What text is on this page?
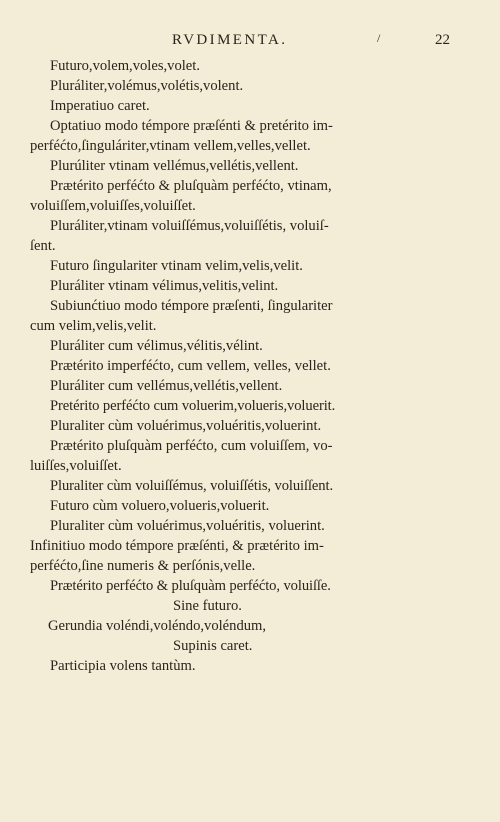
RVDIMENTA.	/	22
Futuro,volem,voles,volet.
Pluráliter,volémus,volétis,volent.
Imperatiuo caret.
Optatiuo modo témpore præſénti & pretérito im-
perféćto,ſinguláriter,vtinam vellem,velles,vellet.
Plurúliter vtinam vellémus,vellétis,vellent.
Prætérito perféćto & pluſquàm perféćto, vtinam,
voluiſſem,voluiſſes,voluiſſet.
Pluráliter,vtinam voluiſſémus,voluiſſétis, voluiſ-
ſent.
Futuro ſingulariter vtinam velim,velis,velit.
Pluráliter vtinam vélimus,velitis,velint.
Subiunćtiuo modo témpore præſenti, ſingulariter
cum velim,velis,velit.
Pluráliter cum vélimus,vélitis,vélint.
Prætérito imperféćto, cum vellem, velles, vellet.
Pluráliter cum vellémus,vellétis,vellent.
Pretérito perféćto cum voluerim,volueris,voluerit.
Pluraliter cùm voluérimus,voluéritis,voluerint.
Prætérito pluſquàm perféćto, cum voluiſſem, vo-
luiſſes,voluiſſet.
Pluraliter cùm voluiſſémus, voluiſſétis, voluiſſent.
Futuro cùm voluero,volueris,voluerit.
Pluraliter cùm voluérimus,voluéritis, voluerint.
Infinitiuo modo témpore præſénti, & prætérito im-
perféćto,ſine numeris & perſónis,velle.
Prætérito perféćto & pluſquàm perféćto, voluiſſe.
Sine futuro.
Gerundia voléndi,voléndo,voléndum,
Supinis caret.
Participia volens tantùm.
